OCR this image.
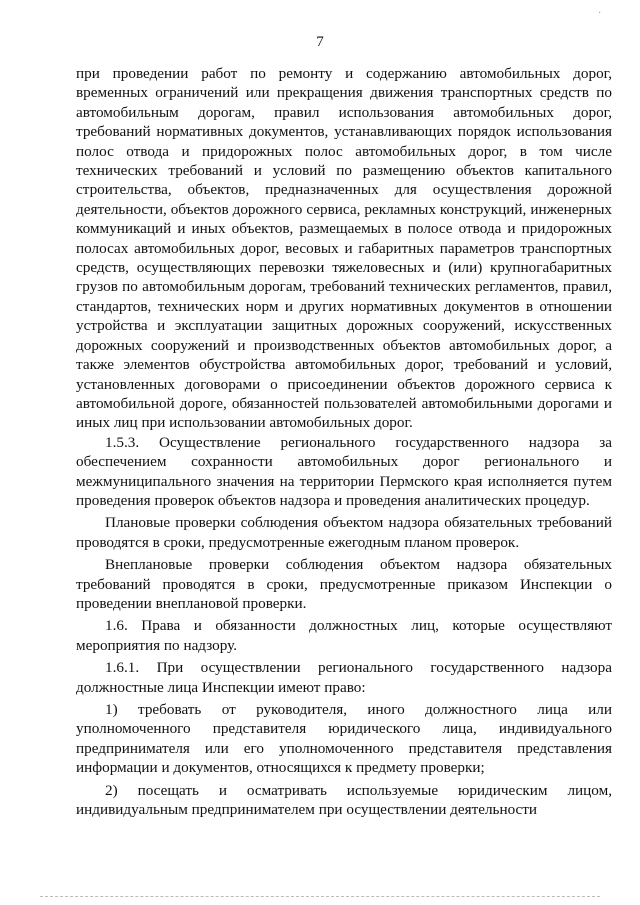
·
7

при проведении работ по ремонту и содержанию автомобильных дорог, временных ограничений или прекращения движения транспортных средств по автомобильным дорогам, правил использования автомобильных дорог, требований нормативных документов, устанавливающих порядок использования полос отвода и придорожных полос автомобильных дорог, в том числе технических требований и условий по размещению объектов капитального строительства, объектов, предназначенных для осуществления дорожной деятельности, объектов дорожного сервиса, рекламных конструкций, инженерных коммуникаций и иных объектов, размещаемых в полосе отвода и придорожных полосах автомобильных дорог, весовых и габаритных параметров транспортных средств, осуществляющих перевозки тяжеловесных и (или) крупногабаритных грузов по автомобильным дорогам, требований технических регламентов, правил, стандартов, технических норм и других нормативных документов в отношении устройства и эксплуатации защитных дорожных сооружений, искусственных дорожных сооружений и производственных объектов автомобильных дорог, а также элементов обустройства автомобильных дорог, требований и условий, установленных договорами о присоединении объектов дорожного сервиса к автомобильной дороге, обязанностей пользователей автомобильными дорогами и иных лиц при использовании автомобильных дорог.

1.5.3. Осуществление регионального государственного надзора за обеспечением сохранности автомобильных дорог регионального и межмуниципального значения на территории Пермского края исполняется путем проведения проверок объектов надзора и проведения аналитических процедур.

Плановые проверки соблюдения объектом надзора обязательных требований проводятся в сроки, предусмотренные ежегодным планом проверок.

Внеплановые проверки соблюдения объектом надзора обязательных требований проводятся в сроки, предусмотренные приказом Инспекции о проведении внеплановой проверки.

1.6. Права и обязанности должностных лиц, которые осуществляют мероприятия по надзору.

1.6.1. При осуществлении регионального государственного надзора должностные лица Инспекции имеют право:

1) требовать от руководителя, иного должностного лица или уполномоченного представителя юридического лица, индивидуального предпринимателя или его уполномоченного представителя представления информации и документов, относящихся к предмету проверки;

2) посещать и осматривать используемые юридическим лицом, индивидуальным предпринимателем при осуществлении деятельности
